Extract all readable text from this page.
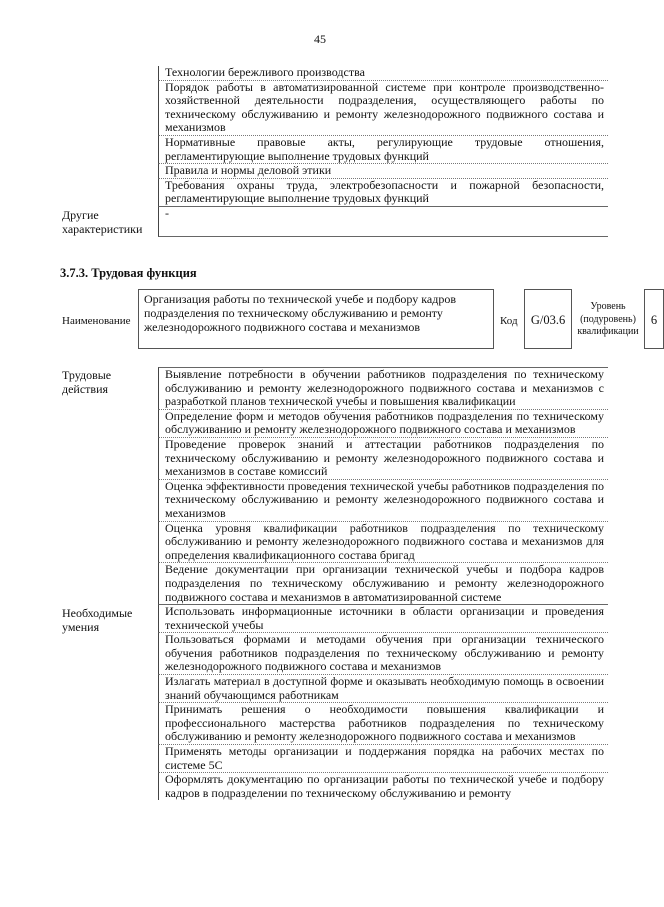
45
Технологии бережливого производства
Порядок работы в автоматизированной системе при контроле производственно-хозяйственной деятельности подразделения, осуществляющего работы по техническому обслуживанию и ремонту железнодорожного подвижного состава и механизмов
Нормативные правовые акты, регулирующие трудовые отношения, регламентирующие выполнение трудовых функций
Правила и нормы деловой этики
Требования охраны труда, электробезопасности и пожарной безопасности, регламентирующие выполнение трудовых функций
Другие характеристики
-
3.7.3. Трудовая функция
Наименование
Организация работы по технической учебе и подбору кадров подразделения по техническому обслуживанию и ремонту железнодорожного подвижного состава и механизмов	Код	G/03.6
Уровень (подуровень) квалификации
6
Трудовые действия
Выявление потребности в обучении работников подразделения по техническому обслуживанию и ремонту железнодорожного подвижного состава и механизмов с разработкой планов технической учебы и повышения квалификации
Определение форм и методов обучения работников подразделения по техническому обслуживанию и ремонту железнодорожного подвижного состава и механизмов
Проведение проверок знаний и аттестации работников подразделения по техническому обслуживанию и ремонту железнодорожного подвижного состава и механизмов в составе комиссий
Оценка эффективности проведения технической учебы работников подразделения по техническому обслуживанию и ремонту железнодорожного подвижного состава и механизмов
Оценка уровня квалификации работников подразделения по техническому обслуживанию и ремонту железнодорожного подвижного состава и механизмов для определения квалификационного состава бригад
Ведение документации при организации технической учебы и подбора кадров подразделения по техническому обслуживанию и ремонту железнодорожного подвижного состава и механизмов в автоматизированной системе
Необходимые умения
Использовать информационные источники в области организации и проведения технической учебы
Пользоваться формами и методами обучения при организации технического обучения работников подразделения по техническому обслуживанию и ремонту железнодорожного подвижного состава и механизмов
Излагать материал в доступной форме и оказывать необходимую помощь в освоении знаний обучающимся работникам
Принимать решения о необходимости повышения квалификации и профессионального мастерства работников подразделения по техническому обслуживанию и ремонту железнодорожного подвижного состава и механизмов
Применять методы организации и поддержания порядка на рабочих местах по системе 5С
Оформлять документацию по организации работы по технической учебе и подбору кадров в подразделении по техническому обслуживанию и ремонту
